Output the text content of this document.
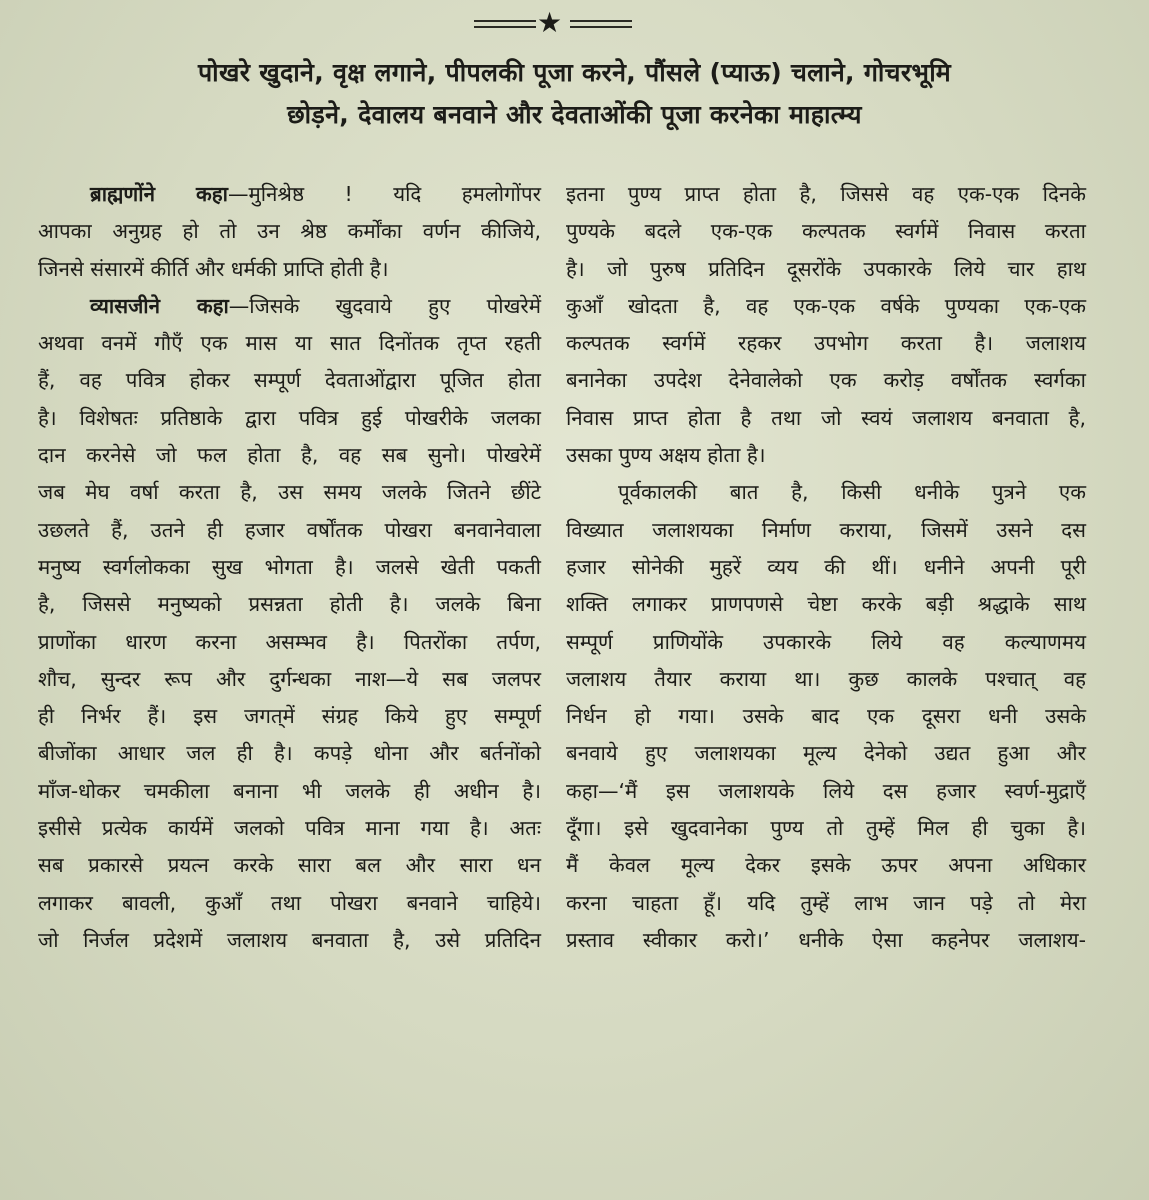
★
पोखरे खुदाने, वृक्ष लगाने, पीपलकी पूजा करने, पौंसले (प्याऊ) चलाने, गोचरभूमि
छोड़ने, देवालय बनवाने और देवताओंकी पूजा करनेका माहात्म्य
ब्राह्मणोंने कहा—मुनिश्रेष्ठ ! यदि हमलोगोंपर
आपका अनुग्रह हो तो उन श्रेष्ठ कर्मोंका वर्णन कीजिये,
जिनसे संसारमें कीर्ति और धर्मकी प्राप्ति होती है।
व्यासजीने कहा—जिसके खुदवाये हुए पोखरेमें
अथवा वनमें गौएँ एक मास या सात दिनोंतक तृप्त रहती
हैं, वह पवित्र होकर सम्पूर्ण देवताओंद्वारा पूजित होता
है। विशेषतः प्रतिष्ठाके द्वारा पवित्र हुई पोखरीके जलका
दान करनेसे जो फल होता है, वह सब सुनो। पोखरेमें
जब मेघ वर्षा करता है, उस समय जलके जितने छींटे
उछलते हैं, उतने ही हजार वर्षोंतक पोखरा बनवानेवाला
मनुष्य स्वर्गलोकका सुख भोगता है। जलसे खेती पकती
है, जिससे मनुष्यको प्रसन्नता होती है। जलके बिना
प्राणोंका धारण करना असम्भव है। पितरोंका तर्पण,
शौच, सुन्दर रूप और दुर्गन्धका नाश—ये सब जलपर
ही निर्भर हैं। इस जगत्‌में संग्रह किये हुए सम्पूर्ण
बीजोंका आधार जल ही है। कपड़े धोना और बर्तनोंको
माँज-धोकर चमकीला बनाना भी जलके ही अधीन है।
इसीसे प्रत्येक कार्यमें जलको पवित्र माना गया है। अतः
सब प्रकारसे प्रयत्न करके सारा बल और सारा धन
लगाकर बावली, कुआँ तथा पोखरा बनवाने चाहिये।
जो निर्जल प्रदेशमें जलाशय बनवाता है, उसे प्रतिदिन
इतना पुण्य प्राप्त होता है, जिससे वह एक-एक दिनके
पुण्यके बदले एक-एक कल्पतक स्वर्गमें निवास करता
है। जो पुरुष प्रतिदिन दूसरोंके उपकारके लिये चार हाथ
कुआँ खोदता है, वह एक-एक वर्षके पुण्यका एक-एक
कल्पतक स्वर्गमें रहकर उपभोग करता है। जलाशय
बनानेका उपदेश देनेवालेको एक करोड़ वर्षोंतक स्वर्गका
निवास प्राप्त होता है तथा जो स्वयं जलाशय बनवाता है,
उसका पुण्य अक्षय होता है।
पूर्वकालकी बात है, किसी धनीके पुत्रने एक
विख्यात जलाशयका निर्माण कराया, जिसमें उसने दस
हजार सोनेकी मुहरें व्यय की थीं। धनीने अपनी पूरी
शक्ति लगाकर प्राणपणसे चेष्टा करके बड़ी श्रद्धाके साथ
सम्पूर्ण प्राणियोंके उपकारके लिये वह कल्याणमय
जलाशय तैयार कराया था। कुछ कालके पश्चात् वह
निर्धन हो गया। उसके बाद एक दूसरा धनी उसके
बनवाये हुए जलाशयका मूल्य देनेको उद्यत हुआ और
कहा—‘मैं इस जलाशयके लिये दस हजार स्वर्ण-मुद्राएँ
दूँगा। इसे खुदवानेका पुण्य तो तुम्हें मिल ही चुका है।
मैं केवल मूल्य देकर इसके ऊपर अपना अधिकार
करना चाहता हूँ। यदि तुम्हें लाभ जान पड़े तो मेरा
प्रस्ताव स्वीकार करो।’ धनीके ऐसा कहनेपर जलाशय-
